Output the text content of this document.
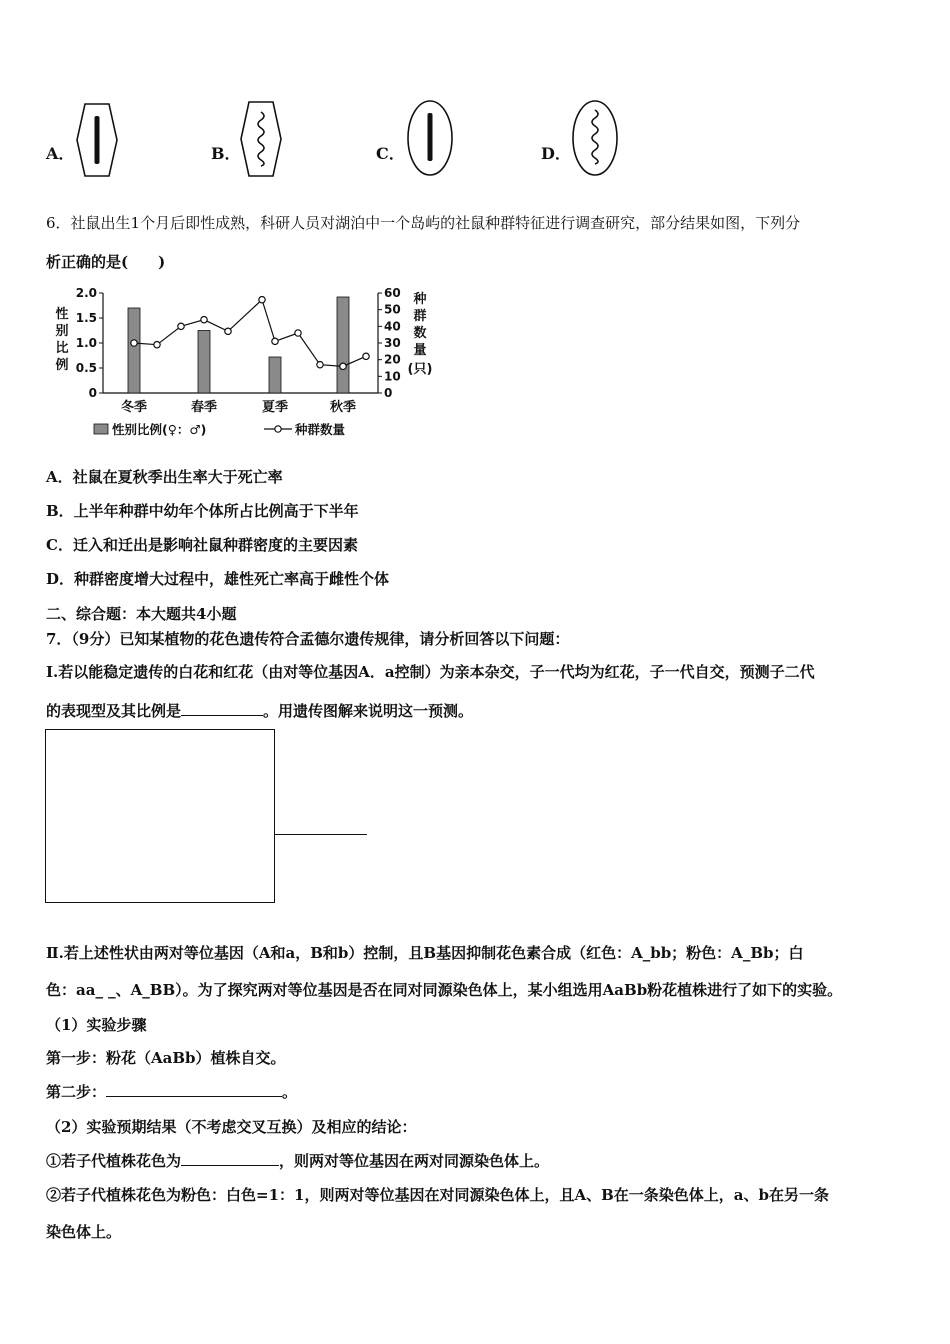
A．	B．	C．	D．
6．社鼠出生1个月后即性成熟，科研人员对湖泊中一个岛屿的社鼠种群特征进行调查研究，部分结果如图，下列分
析正确的是(　　)
性
别
比
例
种
群
数
量
(只)
2.0
1.5
1.0
0.5
0
60
50
40
30
20
10
0
冬季	春季	夏季	秋季
性别比例(♀：♂)	种群数量
A．社鼠在夏秋季出生率大于死亡率
B．上半年种群中幼年个体所占比例高于下半年
C．迁入和迁出是影响社鼠种群密度的主要因素
D．种群密度增大过程中，雄性死亡率高于雌性个体
二、综合题：本大题共4小题
7．（9分）已知某植物的花色遗传符合孟德尔遗传规律，请分析回答以下问题：
Ⅰ.若以能稳定遗传的白花和红花（由对等位基因A．a控制）为亲本杂交，子一代均为红花，子一代自交，预测子二代
的表现型及其比例是	。用遗传图解来说明这一预测。
Ⅱ.若上述性状由两对等位基因（A和a，B和b）控制，且B基因抑制花色素合成（红色：A_bb；粉色：A_Bb；白
色：aa_ _、A_BB）。为了探究两对等位基因是否在同对同源染色体上，某小组选用AaBb粉花植株进行了如下的实验。
（1）实验步骤
第一步：粉花（AaBb）植株自交。
第二步：	。
（2）实验预期结果（不考虑交叉互换）及相应的结论：
①若子代植株花色为	，则两对等位基因在两对同源染色体上。
②若子代植株花色为粉色：白色=1：1，则两对等位基因在对同源染色体上，且A、B在一条染色体上，a、b在另一条
染色体上。
